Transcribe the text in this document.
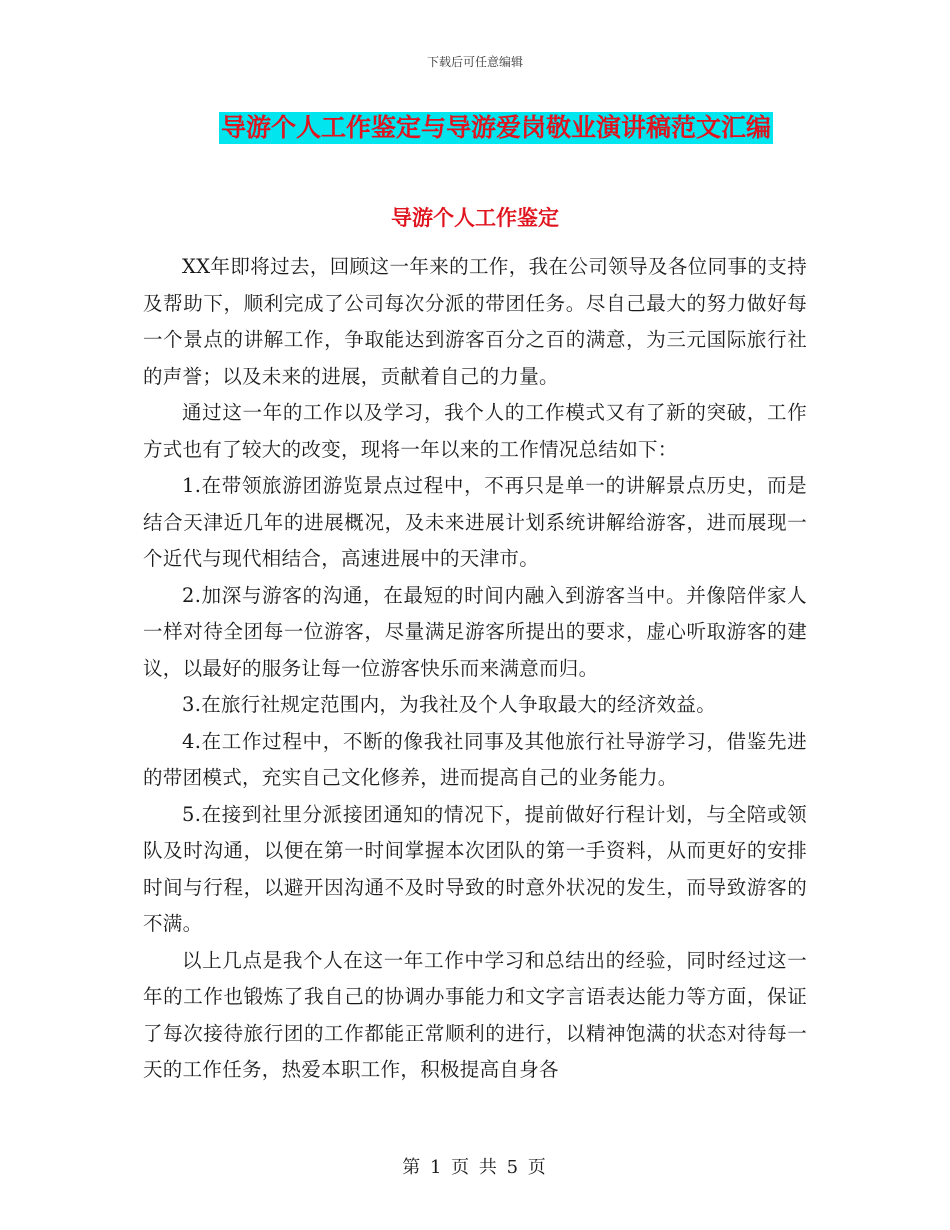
下载后可任意编辑
导游个人工作鉴定与导游爱岗敬业演讲稿范文汇编
导游个人工作鉴定

XX年即将过去，回顾这一年来的工作，我在公司领导及各位同事的支持及帮助下，顺利完成了公司每次分派的带团任务。尽自己最大的努力做好每一个景点的讲解工作，争取能达到游客百分之百的满意，为三元国际旅行社的声誉；以及未来的进展，贡献着自己的力量。

通过这一年的工作以及学习，我个人的工作模式又有了新的突破，工作方式也有了较大的改变，现将一年以来的工作情况总结如下：

1.在带领旅游团游览景点过程中，不再只是单一的讲解景点历史，而是结合天津近几年的进展概况，及未来进展计划系统讲解给游客，进而展现一个近代与现代相结合，高速进展中的天津市。

2.加深与游客的沟通，在最短的时间内融入到游客当中。并像陪伴家人一样对待全团每一位游客，尽量满足游客所提出的要求，虚心听取游客的建议，以最好的服务让每一位游客快乐而来满意而归。

3.在旅行社规定范围内，为我社及个人争取最大的经济效益。

4.在工作过程中，不断的像我社同事及其他旅行社导游学习，借鉴先进的带团模式，充实自己文化修养，进而提高自己的业务能力。

5.在接到社里分派接团通知的情况下，提前做好行程计划，与全陪或领队及时沟通，以便在第一时间掌握本次团队的第一手资料，从而更好的安排时间与行程，以避开因沟通不及时导致的时意外状况的发生，而导致游客的不满。

以上几点是我个人在这一年工作中学习和总结出的经验，同时经过这一年的工作也锻炼了我自己的协调办事能力和文字言语表达能力等方面，保证了每次接待旅行团的工作都能正常顺利的进行，以精神饱满的状态对待每一天的工作任务，热爱本职工作，积极提高自身各

第 1 页 共 5 页
